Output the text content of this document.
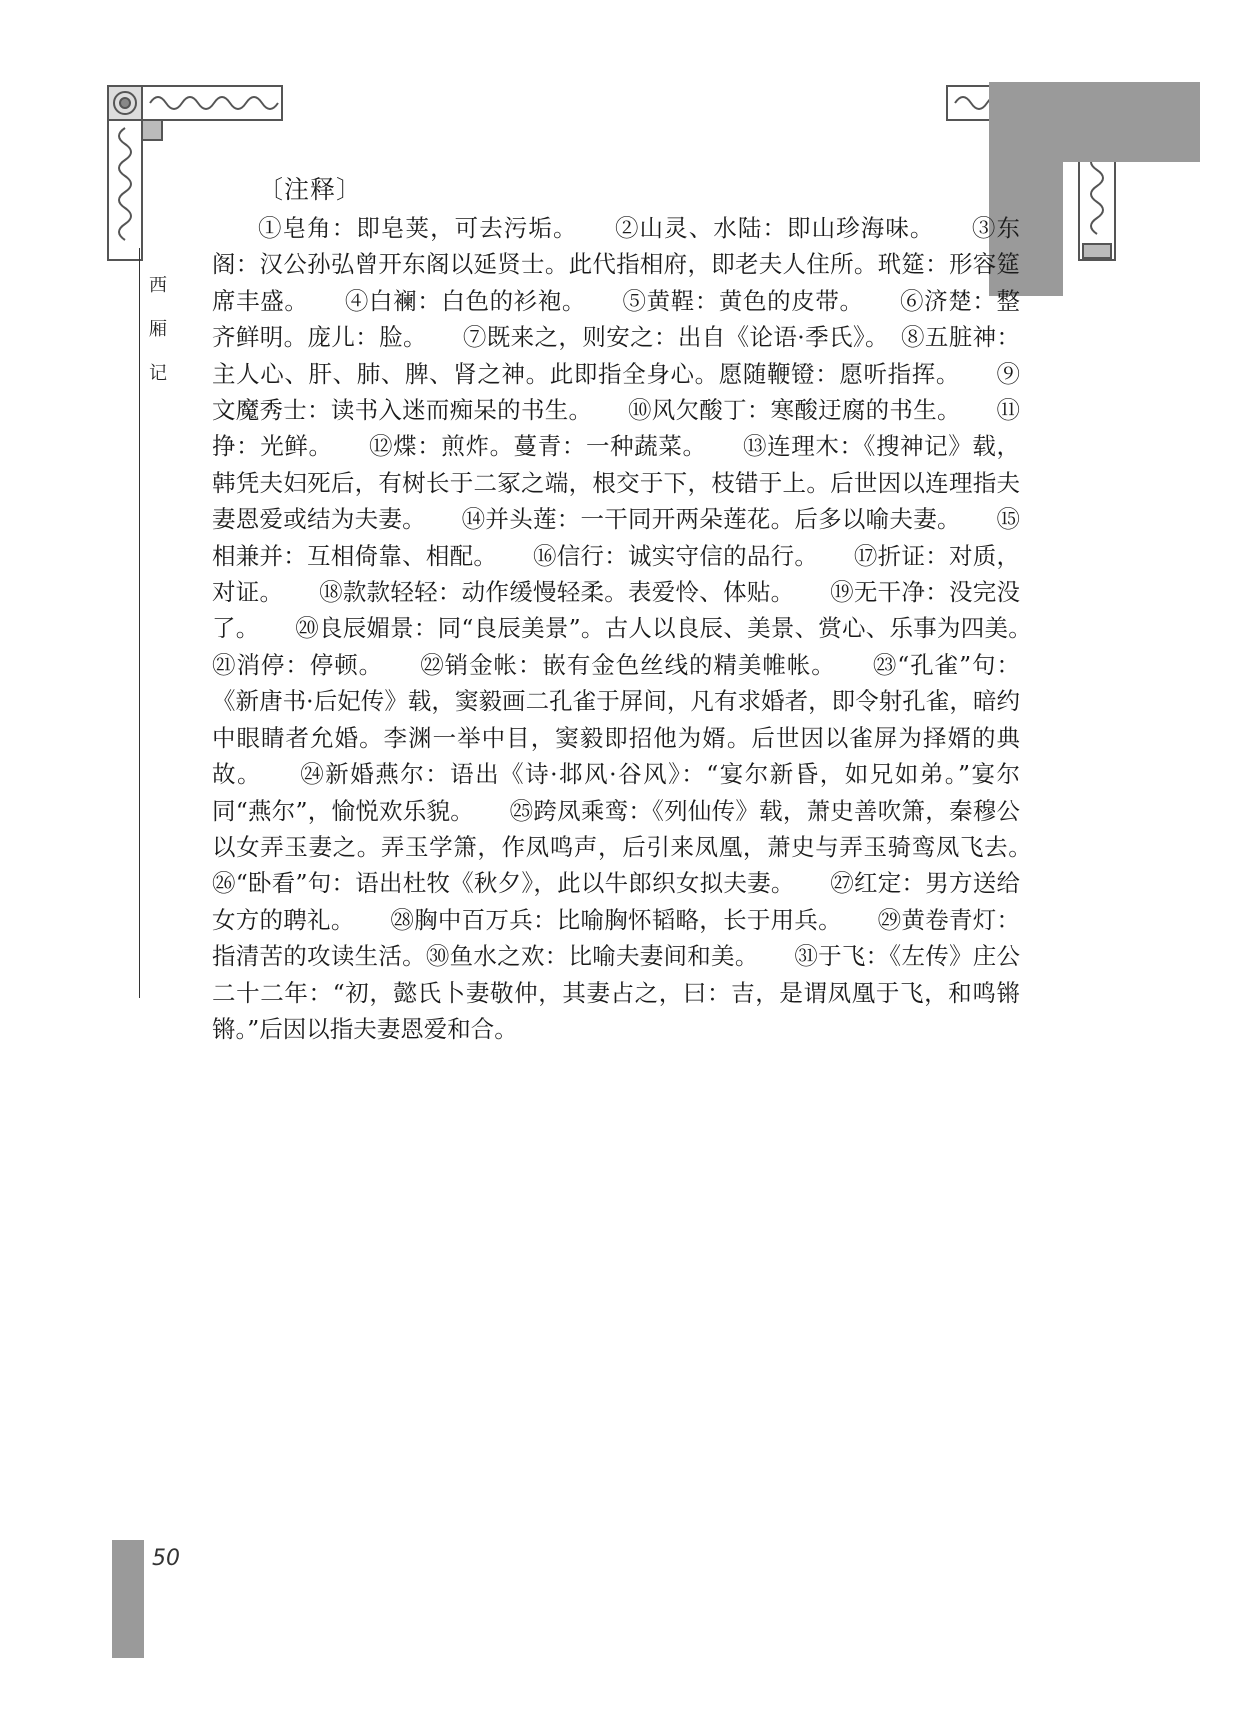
西
厢
记
〔注释〕

①皂角：即皂荚，可去污垢。　　②山灵、水陆：即山珍海味。　　③东阁：汉公孙弘曾开东阁以延贤士。此代指相府，即老夫人住所。玳筵：形容筵席丰盛。　　④白襕：白色的衫袍。　　⑤黄鞓：黄色的皮带。　　⑥济楚：整齐鲜明。庞儿：脸。　　⑦既来之，则安之：出自《论语·季氏》。　⑧五脏神：主人心、肝、肺、脾、肾之神。此即指全身心。愿随鞭镫：愿听指挥。　　⑨文魔秀士：读书入迷而痴呆的书生。　　⑩风欠酸丁：寒酸迂腐的书生。　　⑪挣：光鲜。　　⑫煠：煎炸。蔓青：一种蔬菜。　　⑬连理木：《搜神记》载，韩凭夫妇死后，有树长于二冢之端，根交于下，枝错于上。后世因以连理指夫妻恩爱或结为夫妻。　　⑭并头莲：一干同开两朵莲花。后多以喻夫妻。　　⑮相兼并：互相倚靠、相配。　　⑯信行：诚实守信的品行。　　⑰折证：对质，对证。　　⑱款款轻轻：动作缓慢轻柔。表爱怜、体贴。　　⑲无干净：没完没了。　　⑳良辰媚景：同“良辰美景”。古人以良辰、美景、赏心、乐事为四美。　　㉑消停：停顿。　　㉒销金帐：嵌有金色丝线的精美帷帐。　　㉓“孔雀”句：《新唐书·后妃传》载，窦毅画二孔雀于屏间，凡有求婚者，即令射孔雀，暗约中眼睛者允婚。李渊一举中目，窦毅即招他为婿。后世因以雀屏为择婿的典故。　　㉔新婚燕尔：语出《诗·邶风·谷风》：“宴尔新昏，如兄如弟。”宴尔同“燕尔”，愉悦欢乐貌。　　㉕跨凤乘鸾：《列仙传》载，萧史善吹箫，秦穆公以女弄玉妻之。弄玉学箫，作凤鸣声，后引来凤凰，萧史与弄玉骑鸾凤飞去。　　㉖“卧看”句：语出杜牧《秋夕》，此以牛郎织女拟夫妻。　　㉗红定：男方送给女方的聘礼。　　㉘胸中百万兵：比喻胸怀韬略，长于用兵。　　㉙黄卷青灯：指清苦的攻读生活。㉚鱼水之欢：比喻夫妻间和美。　　㉛于飞：《左传》庄公二十二年：“初，懿氏卜妻敬仲，其妻占之，曰：吉，是谓凤凰于飞，和鸣锵锵。”后因以指夫妻恩爱和合。

50
